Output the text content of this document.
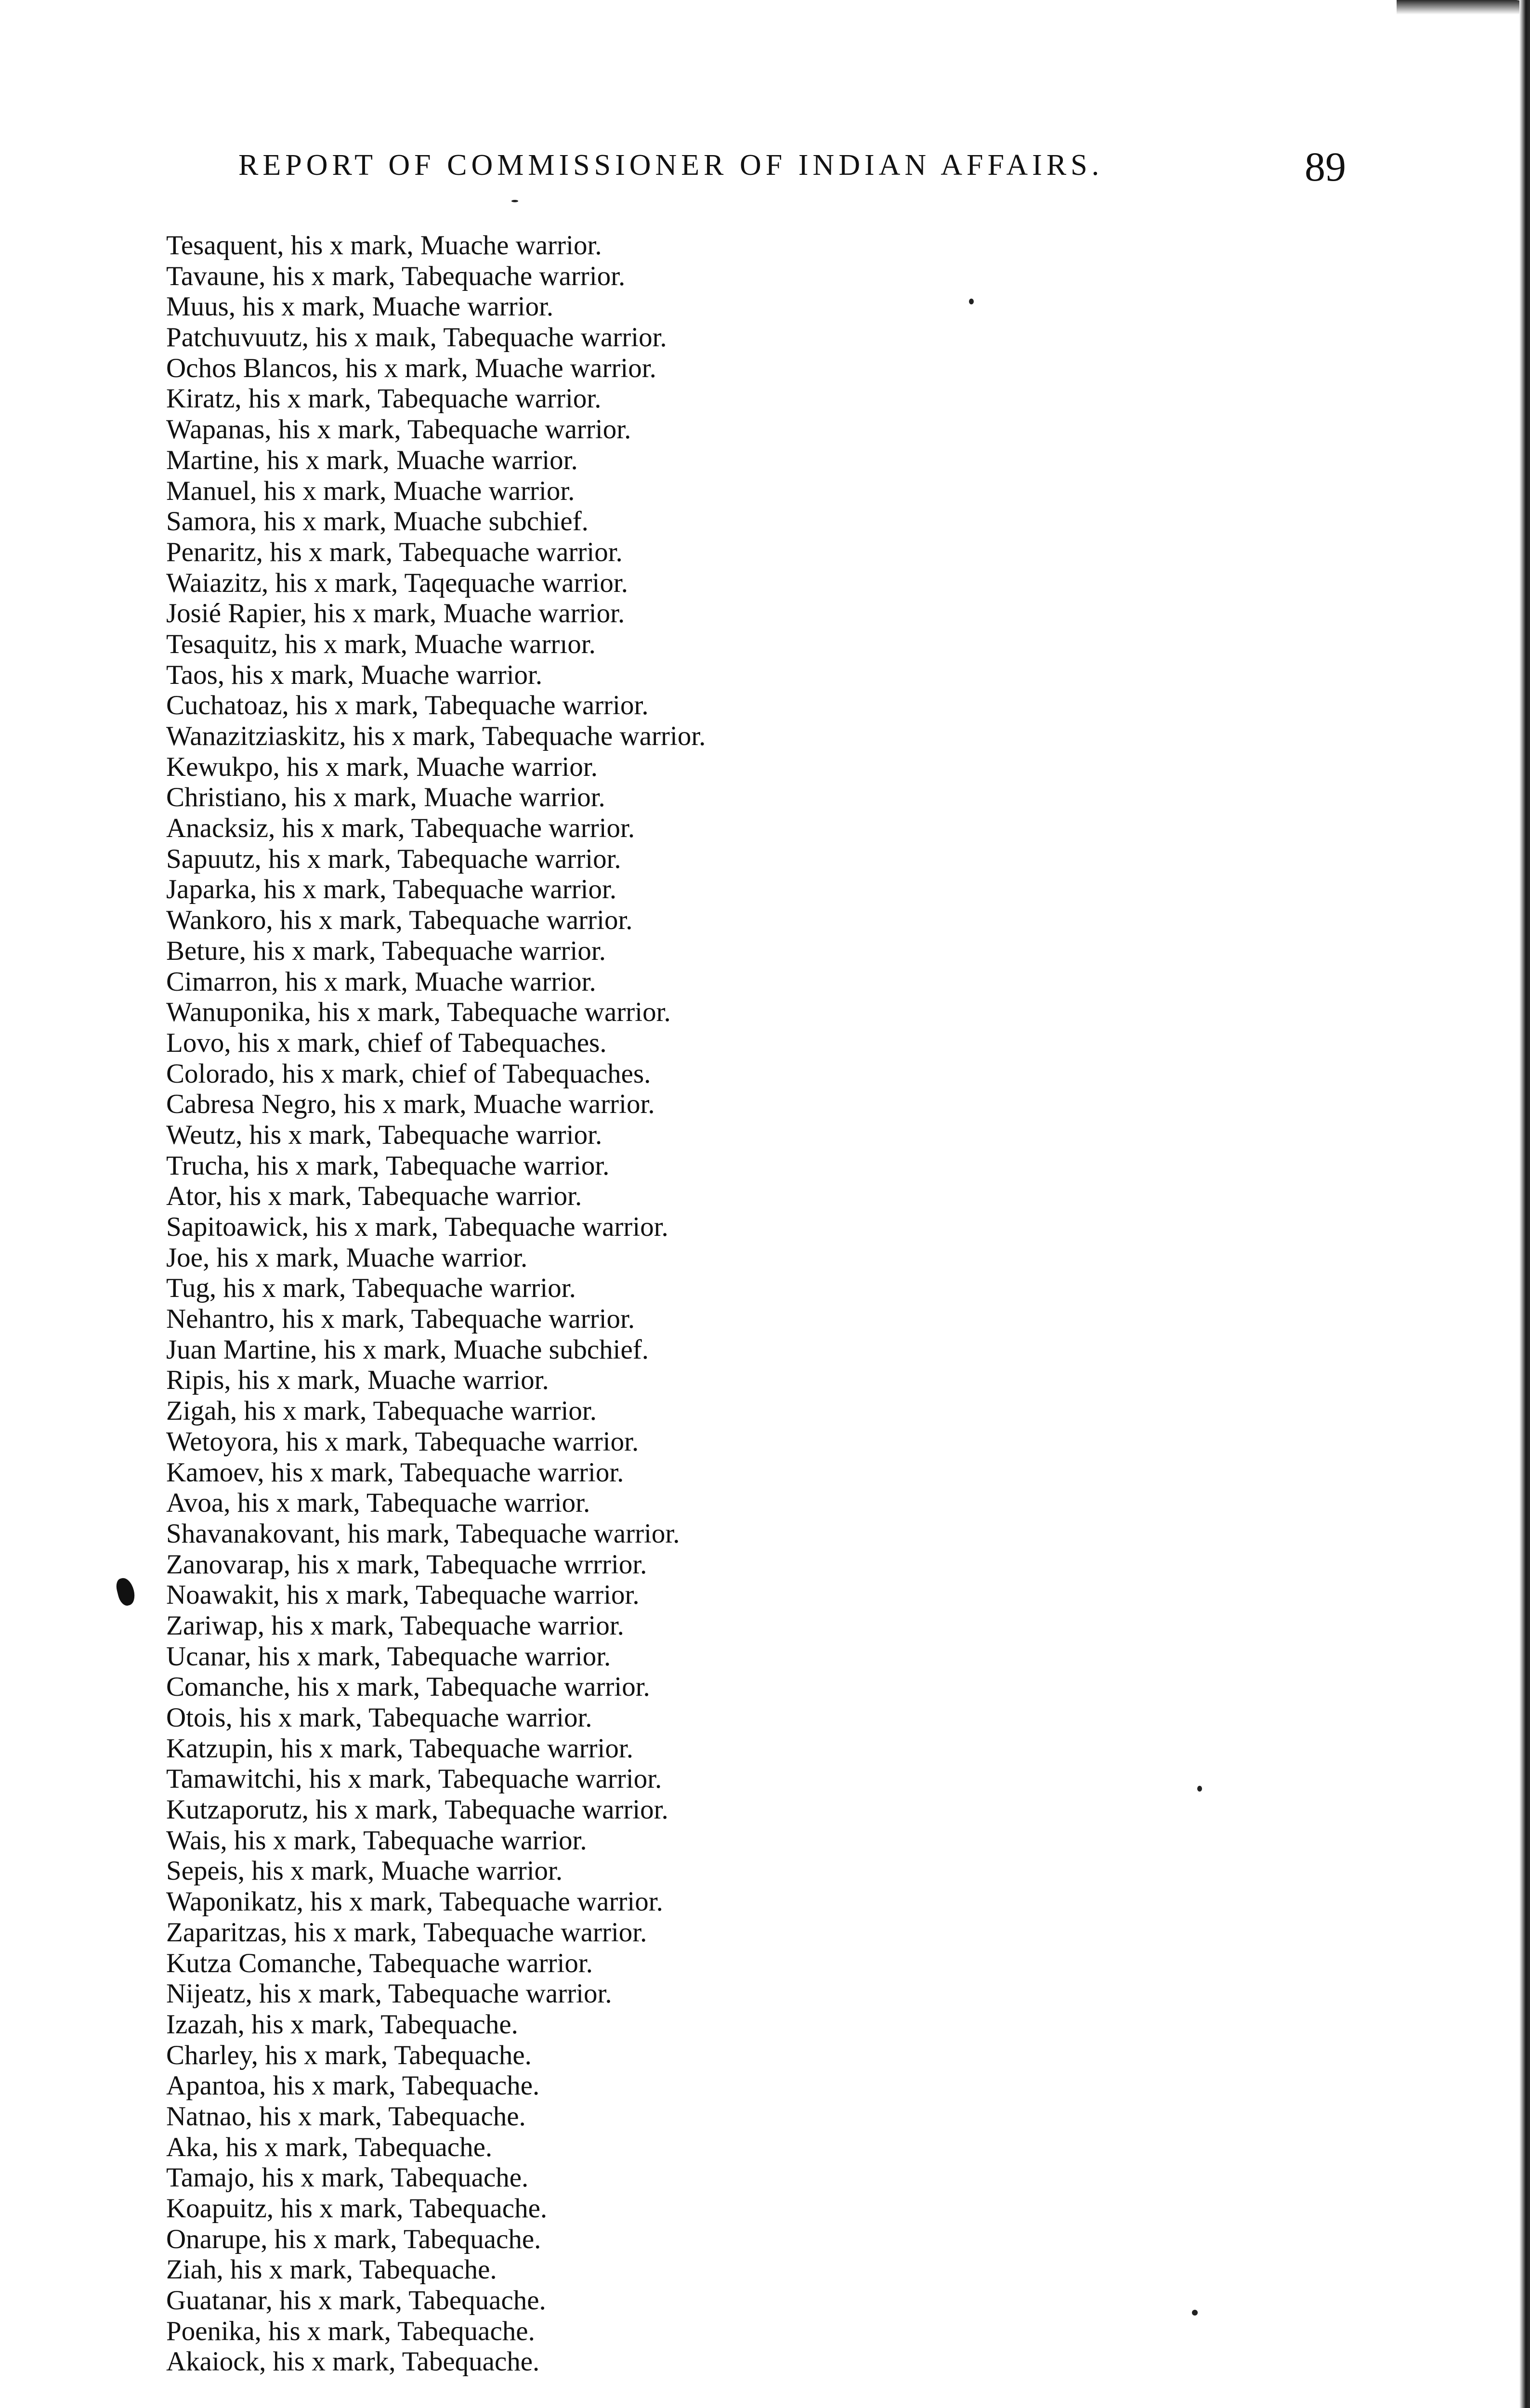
REPORT OF COMMISSIONER OF INDIAN AFFAIRS.	89
Tesaquent, his x mark, Muache warrior.
Tavaune, his x mark, Tabequache warrior.
Muus, his x mark, Muache warrior.
Patchuvuutz, his x maık, Tabequache warrior.
Ochos Blancos, his x mark, Muache warrior.
Kiratz, his x mark, Tabequache warrior.
Wapanas, his x mark, Tabequache warrior.
Martine, his x mark, Muache warrior.
Manuel, his x mark, Muache warrior.
Samora, his x mark, Muache subchief.
Penaritz, his x mark, Tabequache warrior.
Waiazitz, his x mark, Taqequache warrior.
Josié Rapier, his x mark, Muache warrior.
Tesaquitz, his x mark, Muache warrıor.
Taos, his x mark, Muache warrior.
Cuchatoaz, his x mark, Tabequache warrior.
Wanazitziaskitz, his x mark, Tabequache warrior.
Kewukpo, his x mark, Muache warrior.
Christiano, his x mark, Muache warrior.
Anacksiz, his x mark, Tabequache warrior.
Sapuutz, his x mark, Tabequache warrior.
Japarka, his x mark, Tabequache warrior.
Wankoro, his x mark, Tabequache warrior.
Beture, his x mark, Tabequache warrior.
Cimarron, his x mark, Muache warrior.
Wanuponika, his x mark, Tabequache warrior.
Lovo, his x mark, chief of Tabequaches.
Colorado, his x mark, chief of Tabequaches.
Cabresa Negro, his x mark, Muache warrior.
Weutz, his x mark, Tabequache warrior.
Trucha, his x mark, Tabequache warrior.
Ator, his x mark, Tabequache warrior.
Sapitoawick, his x mark, Tabequache warrior.
Joe, his x mark, Muache warrior.
Tug, his x mark, Tabequache warrior.
Nehantro, his x mark, Tabequache warrior.
Juan Martine, his x mark, Muache subchief.
Ripis, his x mark, Muache warrior.
Zigah, his x mark, Tabequache warrior.
Wetoyora, his x mark, Tabequache warrior.
Kamoev, his x mark, Tabequache warrior.
Avoa, his x mark, Tabequache warrior.
Shavanakovant, his mark, Tabequache warrior.
Zanovarap, his x mark, Tabequache wrrrior.
Noawakit, his x mark, Tabequache warrior.
Zariwap, his x mark, Tabequache warrior.
Ucanar, his x mark, Tabequache warrior.
Comanche, his x mark, Tabequache warrior.
Otois, his x mark, Tabequache warrior.
Katzupin, his x mark, Tabequache warrior.
Tamawitchi, his x mark, Tabequache warrior.
Kutzaporutz, his x mark, Tabequache warrior.
Wais, his x mark, Tabequache warrior.
Sepeis, his x mark, Muache warrior.
Waponikatz, his x mark, Tabequache warrior.
Zaparitzas, his x mark, Tabequache warrior.
Kutza Comanche, Tabequache warrior.
Nijeatz, his x mark, Tabequache warrior.
Izazah, his x mark, Tabequache.
Charley, his x mark, Tabequache.
Apantoa, his x mark, Tabequache.
Natnao, his x mark, Tabequache.
Aka, his x mark, Tabequache.
Tamajo, his x mark, Tabequache.
Koapuitz, his x mark, Tabequache.
Onarupe, his x mark, Tabequache.
Ziah, his x mark, Tabequache.
Guatanar, his x mark, Tabequache.
Poenika, his x mark, Tabequache.
Akaiock, his x mark, Tabequache.
